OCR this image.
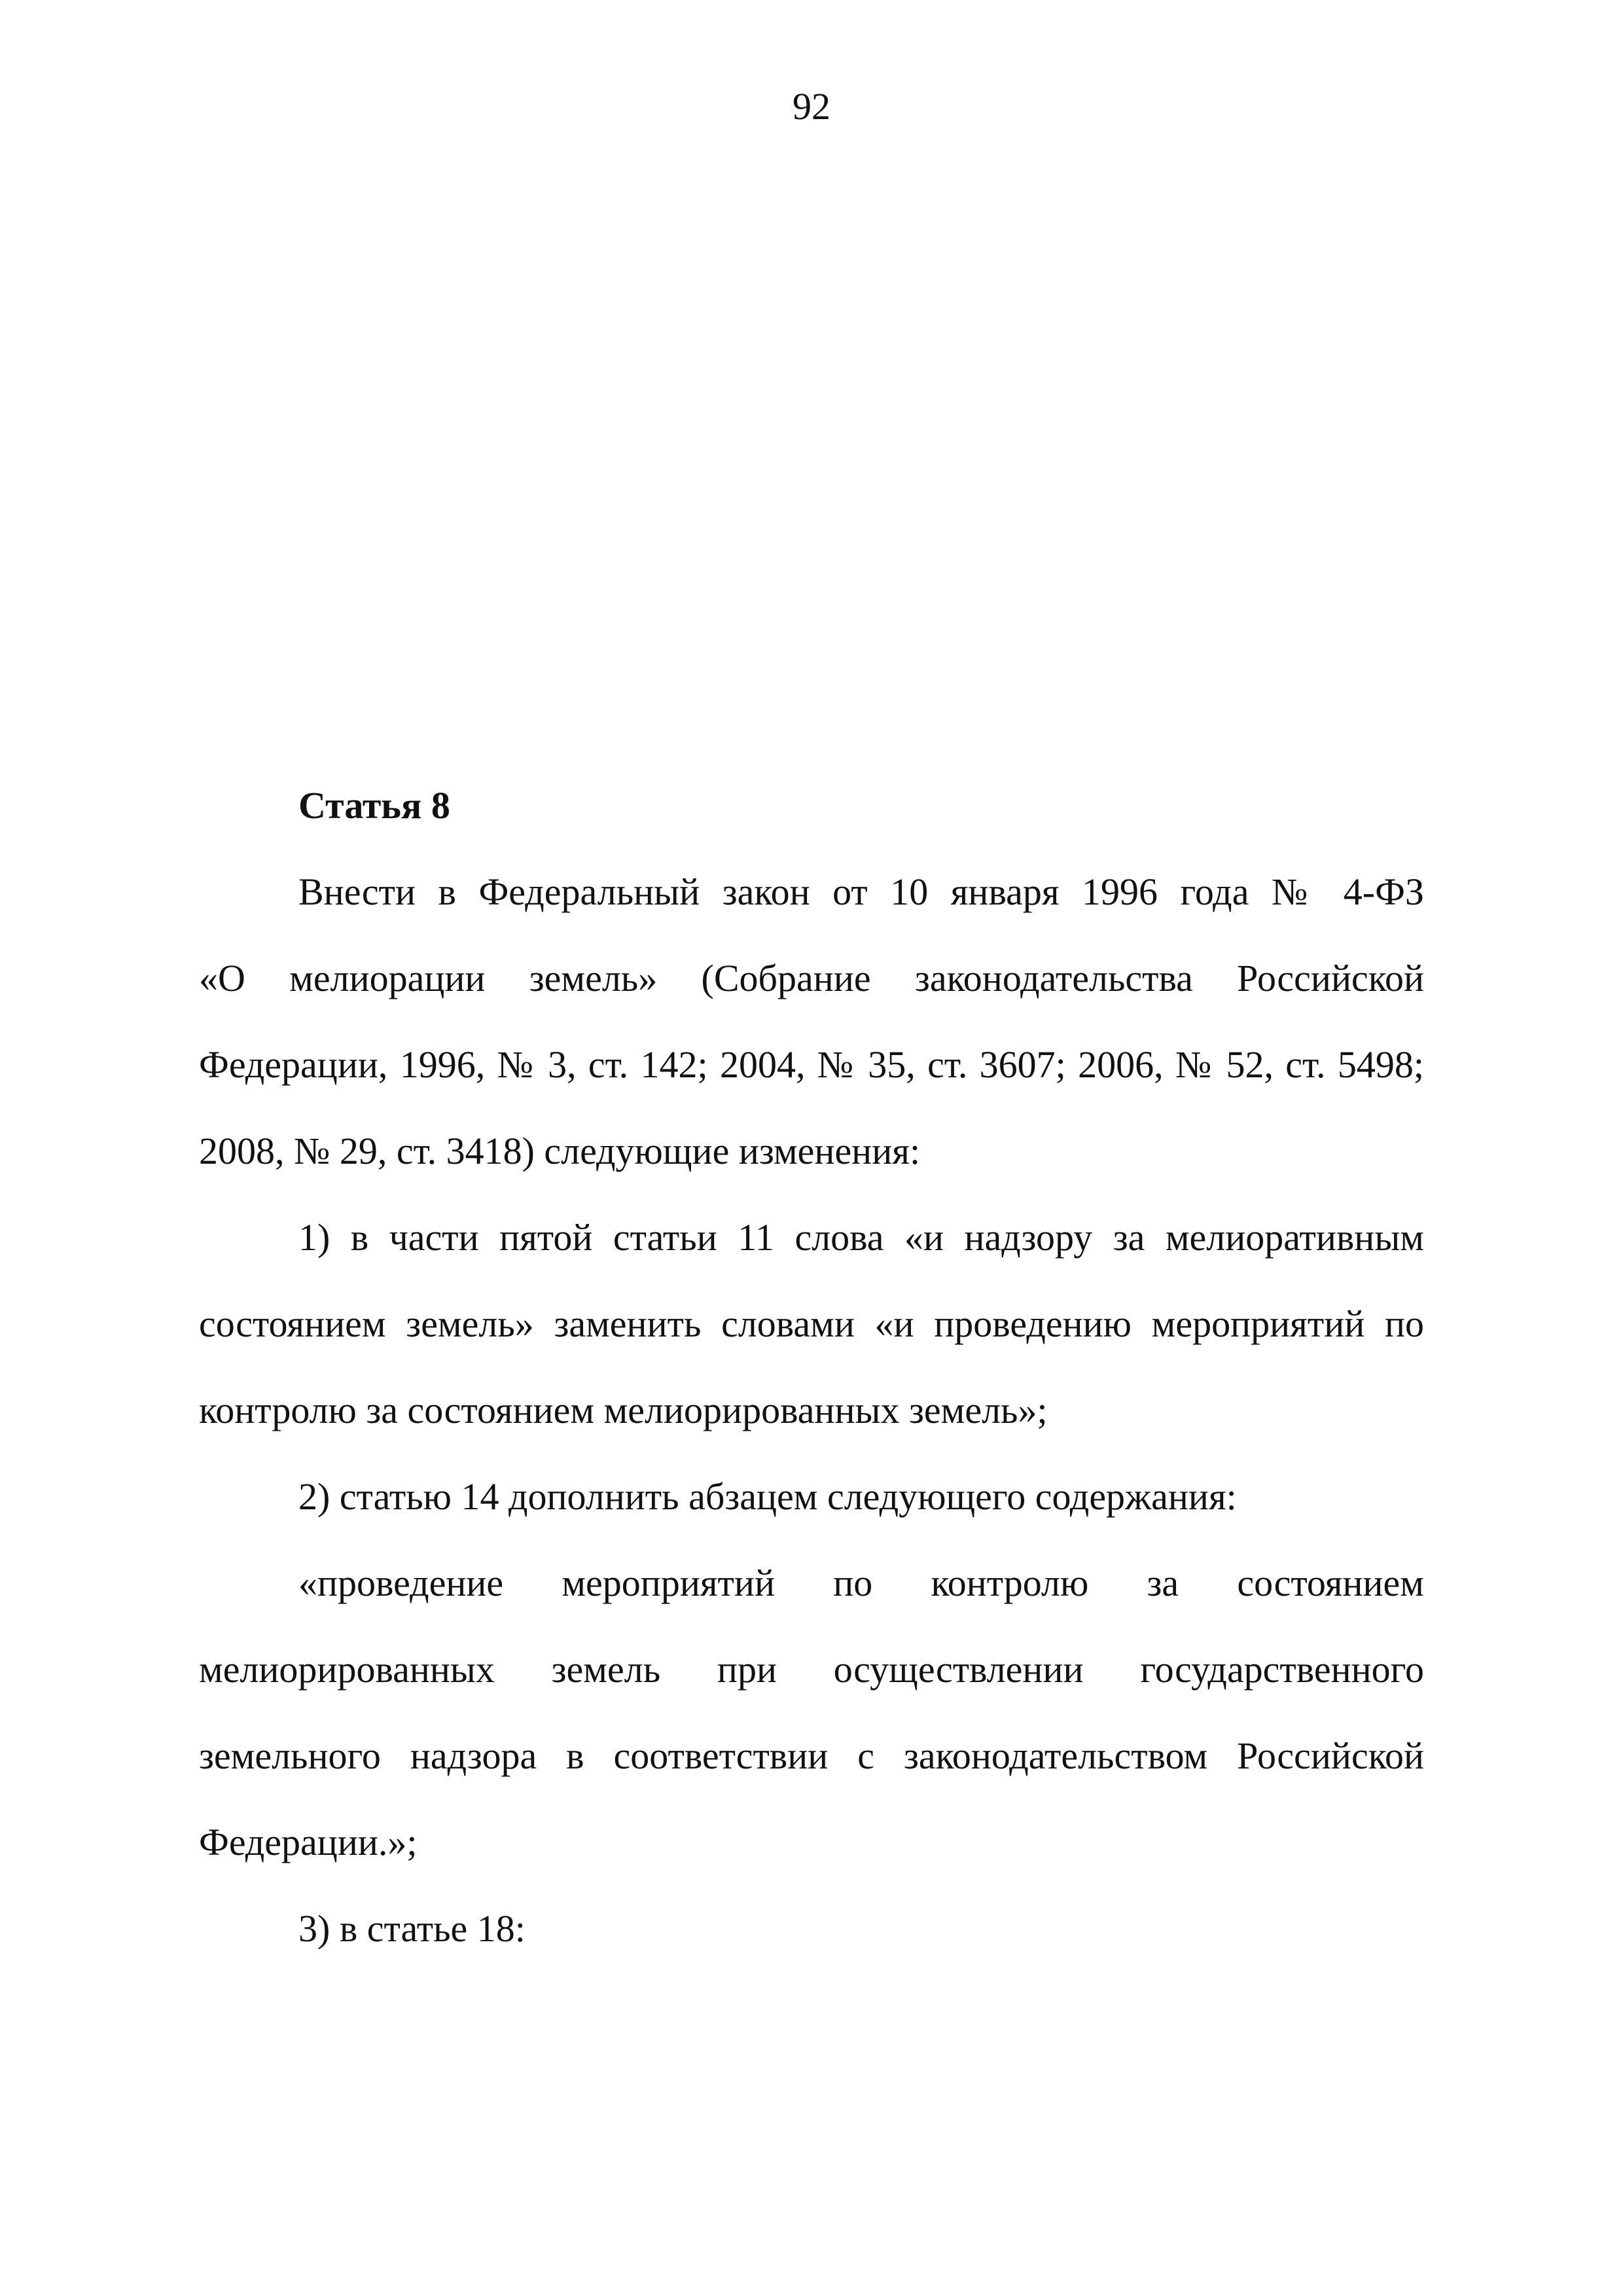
92
Статья 8
Внести в Федеральный закон от 10 января 1996 года № 4-ФЗ
«О мелиорации земель» (Собрание законодательства Российской
Федерации, 1996, № 3, ст. 142; 2004, № 35, ст. 3607; 2006, № 52, ст. 5498;
2008, № 29, ст. 3418) следующие изменения:
1) в части пятой статьи 11 слова «и надзору за мелиоративным
состоянием земель» заменить словами «и проведению мероприятий по
контролю за состоянием мелиорированных земель»;
2) статью 14 дополнить абзацем следующего содержания:
«проведение мероприятий по контролю за состоянием
мелиорированных земель при осуществлении государственного
земельного надзора в соответствии с законодательством Российской
Федерации.»;
3) в статье 18:
